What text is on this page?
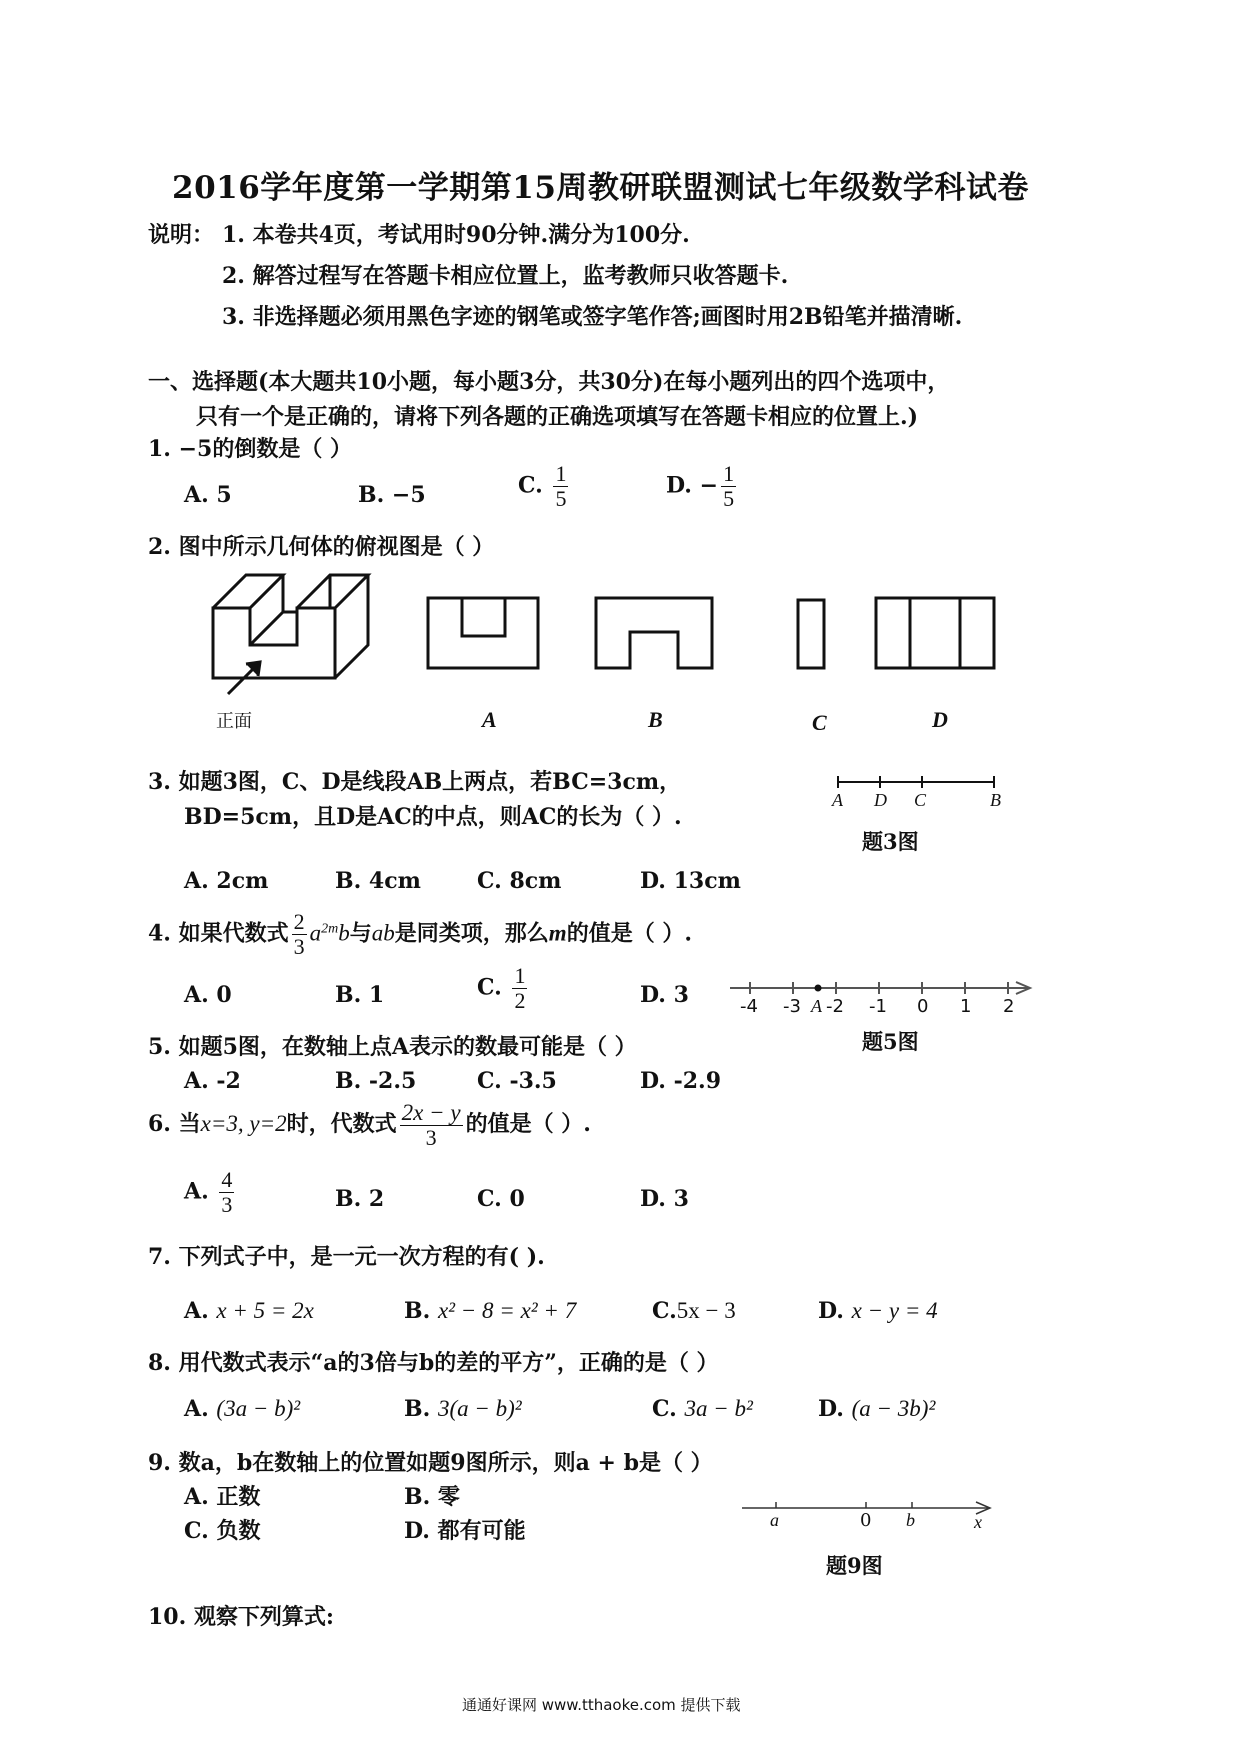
2016学年度第一学期第15周教研联盟测试七年级数学科试卷
说明： 1. 本卷共4页，考试用时90分钟.满分为100分.
2. 解答过程写在答题卡相应位置上，监考教师只收答题卡.
3. 非选择题必须用黑色字迹的钢笔或签字笔作答;画图时用2B铅笔并描清晰.
一、选择题(本大题共10小题，每小题3分，共30分)在每小题列出的四个选项中，
只有一个是正确的，请将下列各题的正确选项填写在答题卡相应的位置上.)
1. −5的倒数是（ ）
A. 5	B. −5	C. $\frac{1}{5}$	D. − $\frac{1}{5}$
2. 图中所示几何体的俯视图是（ ）
正面	A	B	C	D
3. 如题3图，C、D是线段AB上两点，若BC=3cm，
BD=5cm，且D是AC的中点，则AC的长为（ ）.
A D C	B
题3图
A. 2cm	B. 4cm	C. 8cm	D. 13cm
4. 如果代数式 $\frac{2}{3} a^{2m}b$与ab是同类项，那么m的值是（ ）.
A. 0	B. 1	C. $\frac{1}{2}$	D. 3	-4 -3 A -2 -1 0 1 2
题5图
5. 如题5图，在数轴上点A表示的数最可能是（ ）
A. -2	B. -2.5	C. -3.5	D. -2.9
6. 当x=3, y=2时，代数式 $\frac{2x - y}{3}$ 的值是（ ）.
A. $\frac{4}{3}$	B. 2	C. 0	D. 3
7. 下列式子中，是一元一次方程的有( ).
A. x + 5 = 2x	B. x² − 8 = x² + 7	C.5x − 3	D. x − y = 4
8. 用代数式表示“a的3倍与b的差的平方”，正确的是（ ）
A. (3a − b)²	B. 3(a − b)²	C. 3a − b²	D. (a − 3b)²
9. 数a，b在数轴上的位置如题9图所示，则a + b是（ ）
A. 正数	B. 零
C. 负数	D. 都有可能	a	0 b	x
题9图
10. 观察下列算式:
通通好课网 www.tthaoke.com 提供下载
